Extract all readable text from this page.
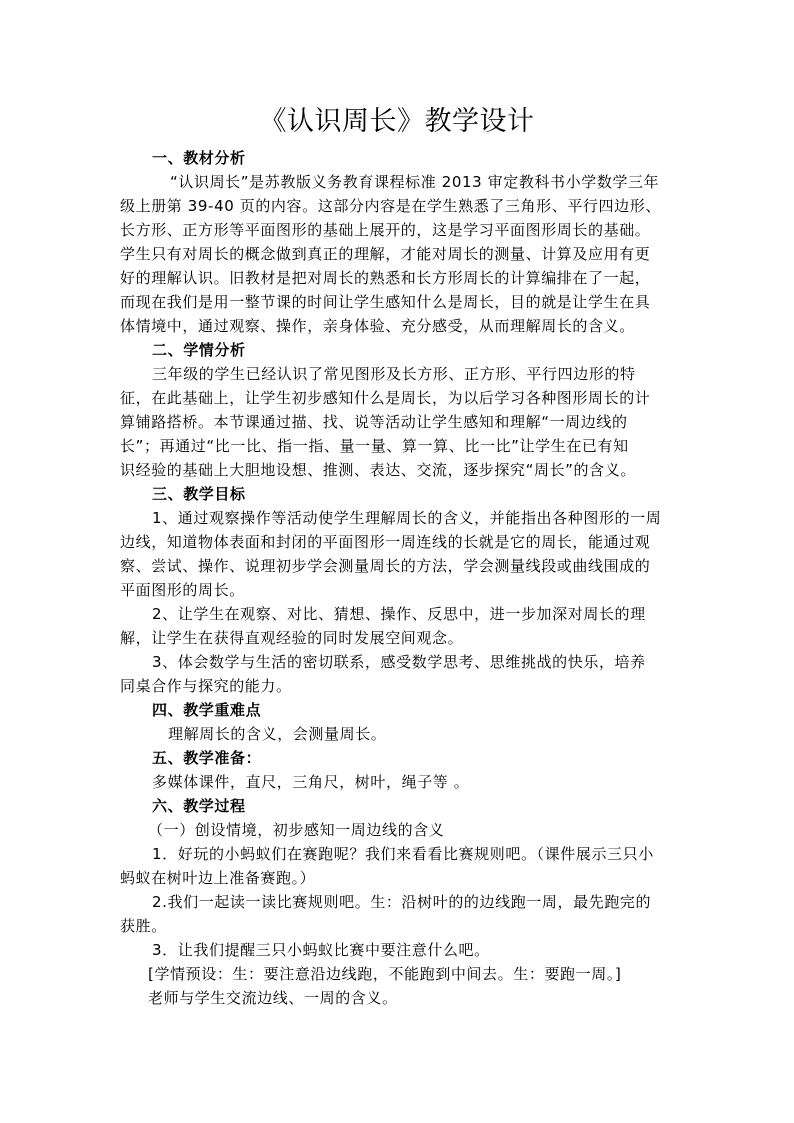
《认识周长》教学设计
一、教材分析
“认识周长”是苏教版义务教育课程标准 2013 审定教科书小学数学三年
级上册第 39-40 页的内容。这部分内容是在学生熟悉了三角形、平行四边形、
长方形、正方形等平面图形的基础上展开的，这是学习平面图形周长的基础。
学生只有对周长的概念做到真正的理解，才能对周长的测量、计算及应用有更
好的理解认识。旧教材是把对周长的熟悉和长方形周长的计算编排在了一起，
而现在我们是用一整节课的时间让学生感知什么是周长，目的就是让学生在具
体情境中，通过观察、操作，亲身体验、充分感受，从而理解周长的含义。
二、学情分析
三年级的学生已经认识了常见图形及长方形、正方形、平行四边形的特
征，在此基础上，让学生初步感知什么是周长，为以后学习各种图形周长的计
算铺路搭桥。本节课通过描、找、说等活动让学生感知和理解“一周边线的
长”；再通过“比一比、指一指、量一量、算一算、比一比”让学生在已有知
识经验的基础上大胆地设想、推测、表达、交流，逐步探究“周长”的含义。
三、教学目标
1、通过观察操作等活动使学生理解周长的含义，并能指出各种图形的一周
边线，知道物体表面和封闭的平面图形一周连线的长就是它的周长，能通过观
察、尝试、操作、说理初步学会测量周长的方法，学会测量线段或曲线围成的
平面图形的周长。
2、让学生在观察、对比、猜想、操作、反思中，进一步加深对周长的理
解，让学生在获得直观经验的同时发展空间观念。
3、体会数学与生活的密切联系，感受数学思考、思维挑战的快乐，培养
同桌合作与探究的能力。
四、教学重难点
理解周长的含义，会测量周长。
五、教学准备：
多媒体课件，直尺，三角尺，树叶，绳子等 。
六、教学过程
（一）创设情境，初步感知一周边线的含义
1．好玩的小蚂蚁们在赛跑呢？我们来看看比赛规则吧。（课件展示三只小
蚂蚁在树叶边上准备赛跑。）
2.我们一起读一读比赛规则吧。生：沿树叶的的边线跑一周，最先跑完的
获胜。
3．让我们提醒三只小蚂蚁比赛中要注意什么吧。
[学情预设：生：要注意沿边线跑，不能跑到中间去。生：要跑一周。]
老师与学生交流边线、一周的含义。
